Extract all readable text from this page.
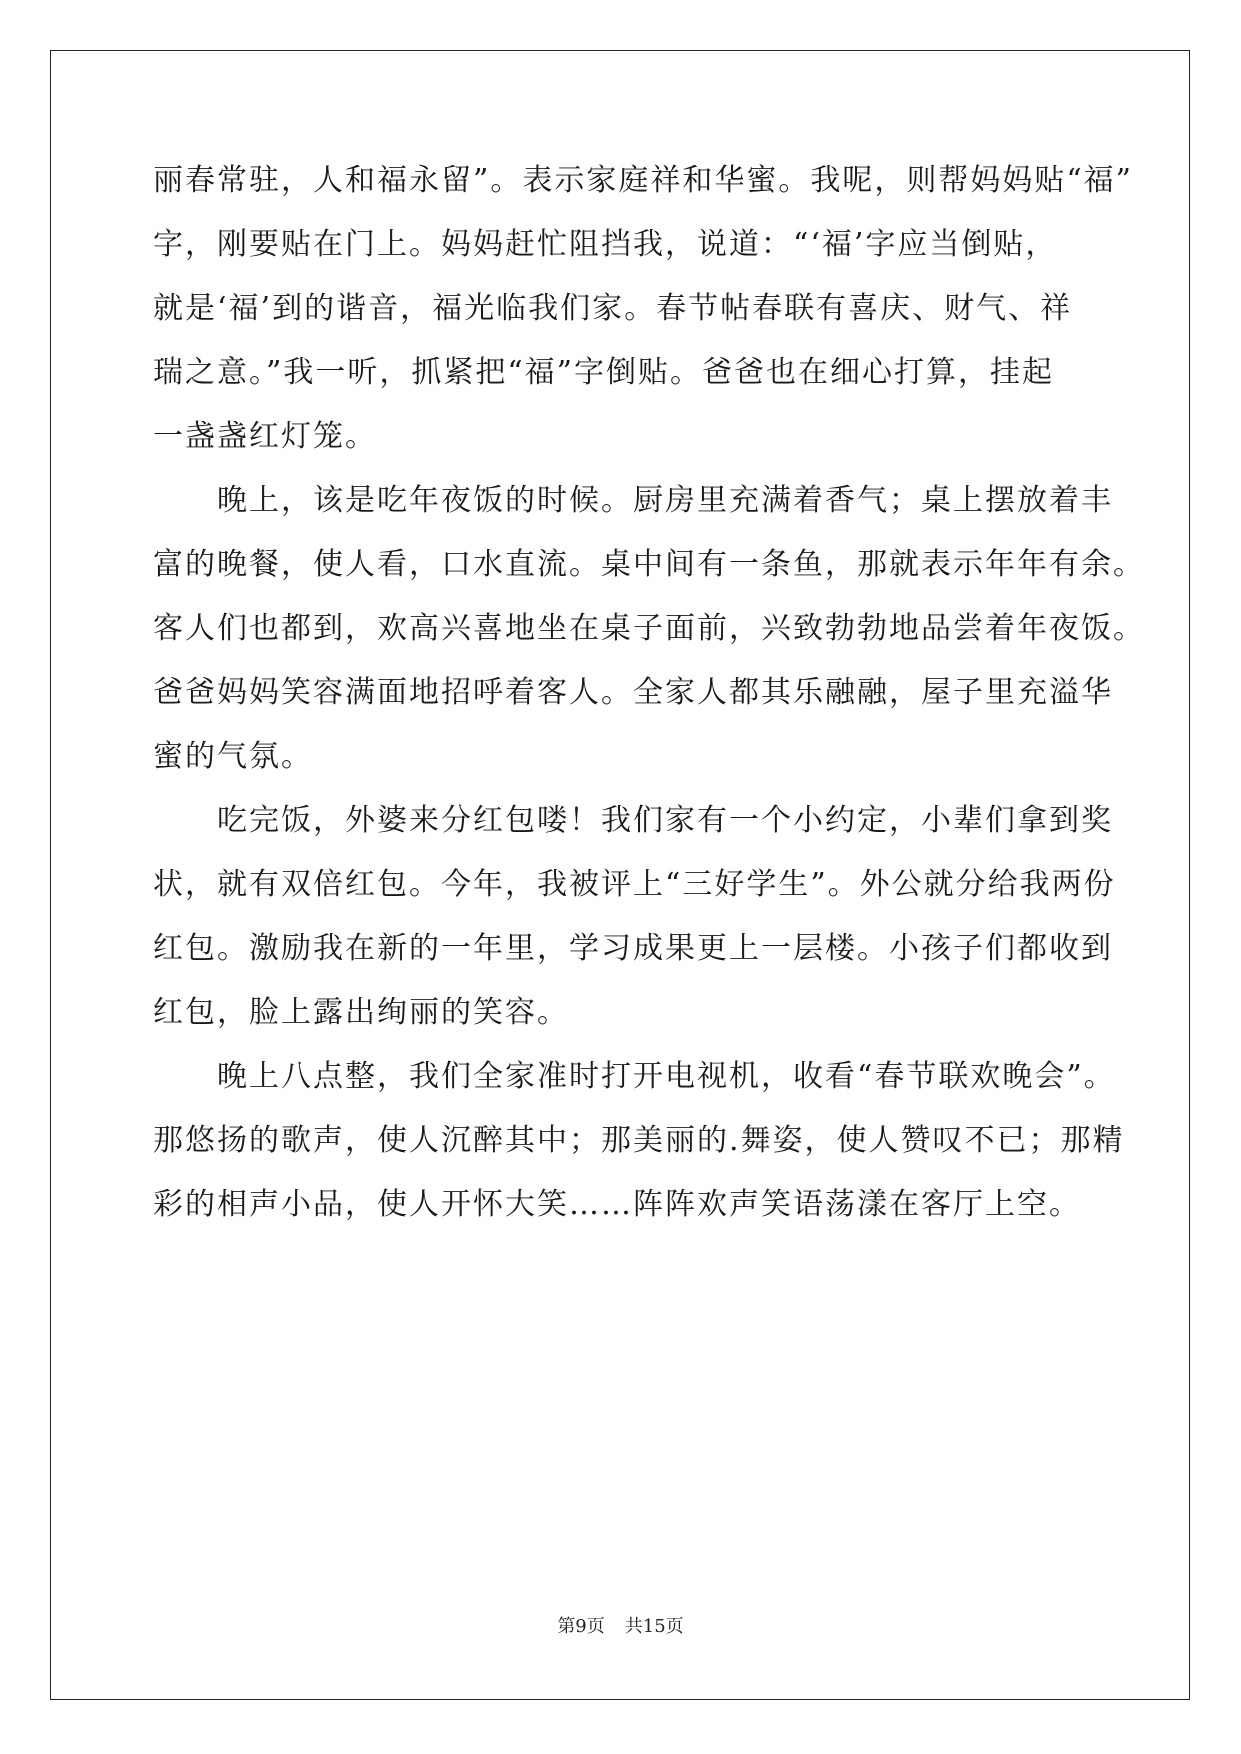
丽春常驻，人和福永留”。表示家庭祥和华蜜。我呢，则帮妈妈贴“福”
字，刚要贴在门上。妈妈赶忙阻挡我，说道：“‘福’字应当倒贴，
就是‘福’到的谐音，福光临我们家。春节帖春联有喜庆、财气、祥
瑞之意。”我一听，抓紧把“福”字倒贴。爸爸也在细心打算，挂起
一盏盏红灯笼。
　　晚上，该是吃年夜饭的时候。厨房里充满着香气；桌上摆放着丰
富的晚餐，使人看，口水直流。桌中间有一条鱼，那就表示年年有余。
客人们也都到，欢高兴喜地坐在桌子面前，兴致勃勃地品尝着年夜饭。
爸爸妈妈笑容满面地招呼着客人。全家人都其乐融融，屋子里充溢华
蜜的气氛。
　　吃完饭，外婆来分红包喽！我们家有一个小约定，小辈们拿到奖
状，就有双倍红包。今年，我被评上“三好学生”。外公就分给我两份
红包。激励我在新的一年里，学习成果更上一层楼。小孩子们都收到
红包，脸上露出绚丽的笑容。
　　晚上八点整，我们全家准时打开电视机，收看“春节联欢晚会”。
那悠扬的歌声，使人沉醉其中；那美丽的.舞姿，使人赞叹不已；那精
彩的相声小品，使人开怀大笑……阵阵欢声笑语荡漾在客厅上空。
第9页 共15页
